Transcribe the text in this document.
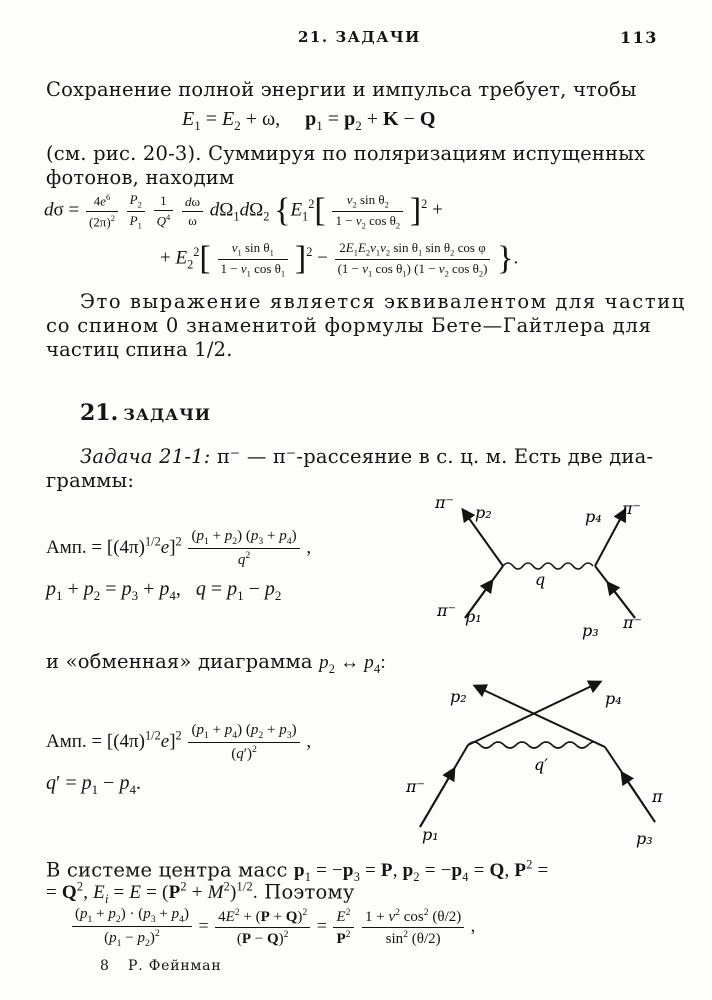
21. ЗАДАЧИ	113
Сохранение полной энергии и импульса требует, чтобы
$E_1 = E_2 + \omega$,     $p_1 = p_2 + K - Q$
(см. рис. 20-3). Суммируя по поляризациям испущенных
фотонов, находим
$d\sigma = \frac{4e^6}{(2\pi)^2}$
$\frac{P_2}{P_1}$
$\frac{1}{Q^4}$
$\frac{d\omega}{\omega} d\Omega_1d\Omega_2$ {$E_1^2[ \frac{v_2 \sin \theta_2}{1 - v_2 \cos \theta_2} ]^2$ +
+ $E_2^2[ \frac{v_1 \sin \theta_1}{1 - v_1 \cos \theta_1} ]^2 - \frac{2E_1E_2v_1v_2 \sin \theta_1 \sin \theta_2 \cos \varphi}{(1 - v_1 \cos \theta_1) (1 - v_2 \cos \theta_2)}$ }.
Это выражение является эквивалентом для частиц
со спином 0 знаменитой формулы Бете—Гайтлера для
частиц спина 1/2.
21. ЗАДАЧИ
Задача 21-1: π⁻ — π⁻-рассеяние в с. ц. м. Есть две диа-
граммы:
Амп. = $[(4\pi)^{1/2}e]^2 \frac{(p_1 + p_2) (p_3 + p_4)}{q^2}$ ,
$p_1 + p_2 = p_3 + p_4$,   $q = p_1 - p_2$
π⁻
p₂	p₄ π⁻
q
π⁻ p₁
p₃ π⁻
и «обменная» диаграмма $p_2$ ↔ $p_4$:
Амп. = $[(4\pi)^{1/2}e]^2 \frac{(p_1 + p_4) (p_2 + p_3)}{(q')^2}$ ,
$q' = p_1 - p_4$.
p₂	p₄
q′
π⁻
π
p₁	p₃
В системе центра масс $p_1 = -p_3 = P$, $p_2 = -p_4 = Q$, $P^2$ =
= $Q^2$, $E_i = E = (P^2 + M^2)^{1/2}$. Поэтому
$\frac{(p_1 + p_2) \cdot (p_3 + p_4)}{(p_1 - p_2)^2} = \frac{4E^2 + (P + Q)^2}{(P - Q)^2} = \frac{E^2}{P^2}$
$\frac{1 + v^2 \cos^2 (\theta/2)}{\sin^2 (\theta/2)}$ ,
8 Р. Фейнман
